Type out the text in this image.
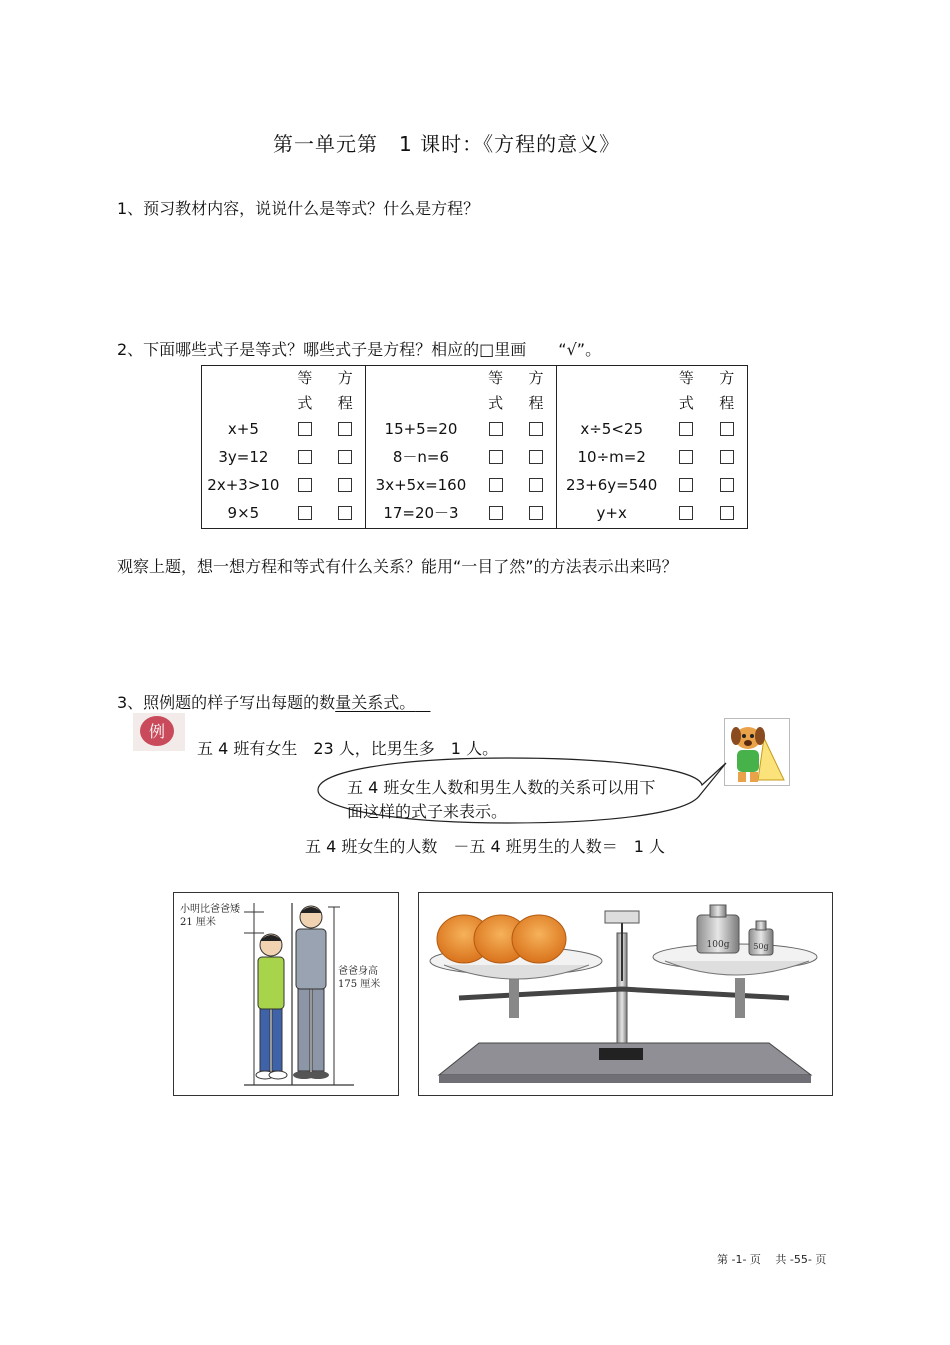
第一单元第　1 课时：《方程的意义》
1、预习教材内容，说说什么是等式？什么是方程？
2、下面哪些式子是等式？哪些式子是方程？相应的□里画　　“√”。
	等	方		等	方		等	方
	式	程		式	程		式	程
x+5			15+5=20			x÷5<25		
3y=12			8－n=6			10÷m=2		
2x+3>10			3x+5x=160			23+6y=540		
9×5			17=20－3			y+x		
观察上题，想一想方程和等式有什么关系？能用“一目了然”的方法表示出来吗？
3、照例题的样子写出每题的数量关系式。
例
五 4 班有女生　23 人，比男生多　1 人。
五 4 班女生人数和男生人数的关系可以用下面这样的式子来表示。
五 4 班女生的人数　－五 4 班男生的人数＝　1 人
小明比爸爸矮 21 厘米
爸爸身高 175 厘米
100g	50g
第 -1- 页　 共 -55- 页
